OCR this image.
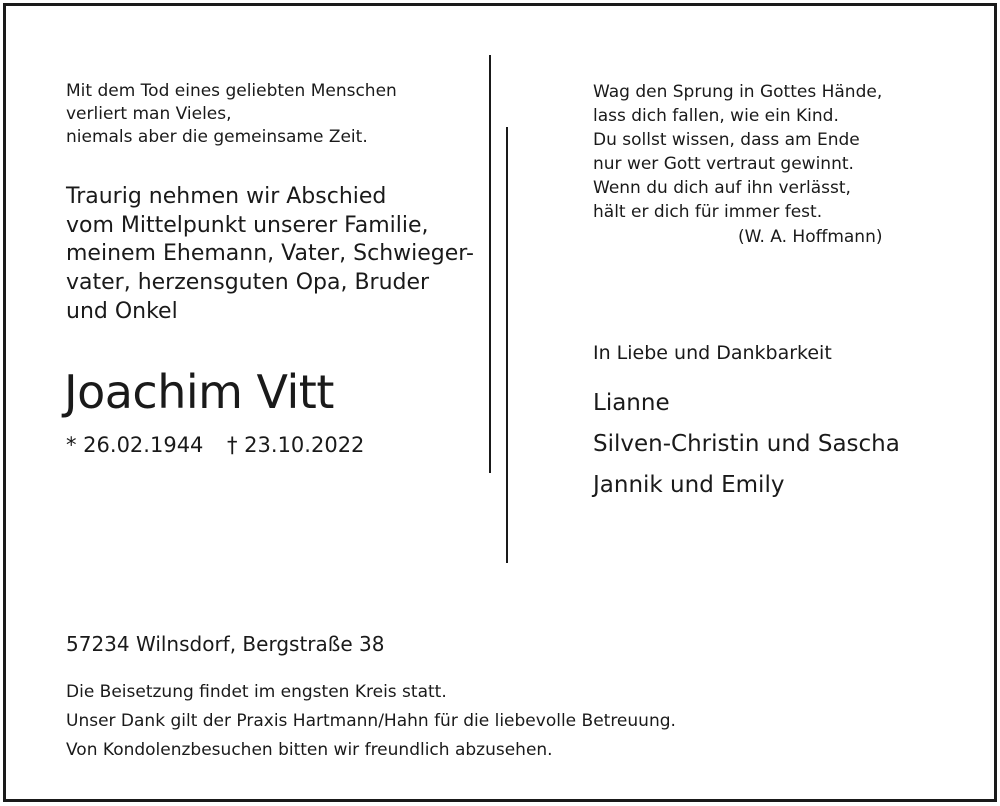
Mit dem Tod eines geliebten Menschen
verliert man Vieles,
niemals aber die gemeinsame Zeit.
Traurig nehmen wir Abschied
vom Mittelpunkt unserer Familie,
meinem Ehemann, Vater, Schwieger-
vater, herzensguten Opa, Bruder
und Onkel
Joachim Vitt
* 26.02.1944 † 23.10.2022
Wag den Sprung in Gottes Hände,
lass dich fallen, wie ein Kind.
Du sollst wissen, dass am Ende
nur wer Gott vertraut gewinnt.
Wenn du dich auf ihn verlässt,
hält er dich für immer fest.
(W. A. Hoffmann)
In Liebe und Dankbarkeit
Lianne
Silven-Christin und Sascha
Jannik und Emily
57234 Wilnsdorf, Bergstraße 38
Die Beisetzung findet im engsten Kreis statt.
Unser Dank gilt der Praxis Hartmann/Hahn für die liebevolle Betreuung.
Von Kondolenzbesuchen bitten wir freundlich abzusehen.
